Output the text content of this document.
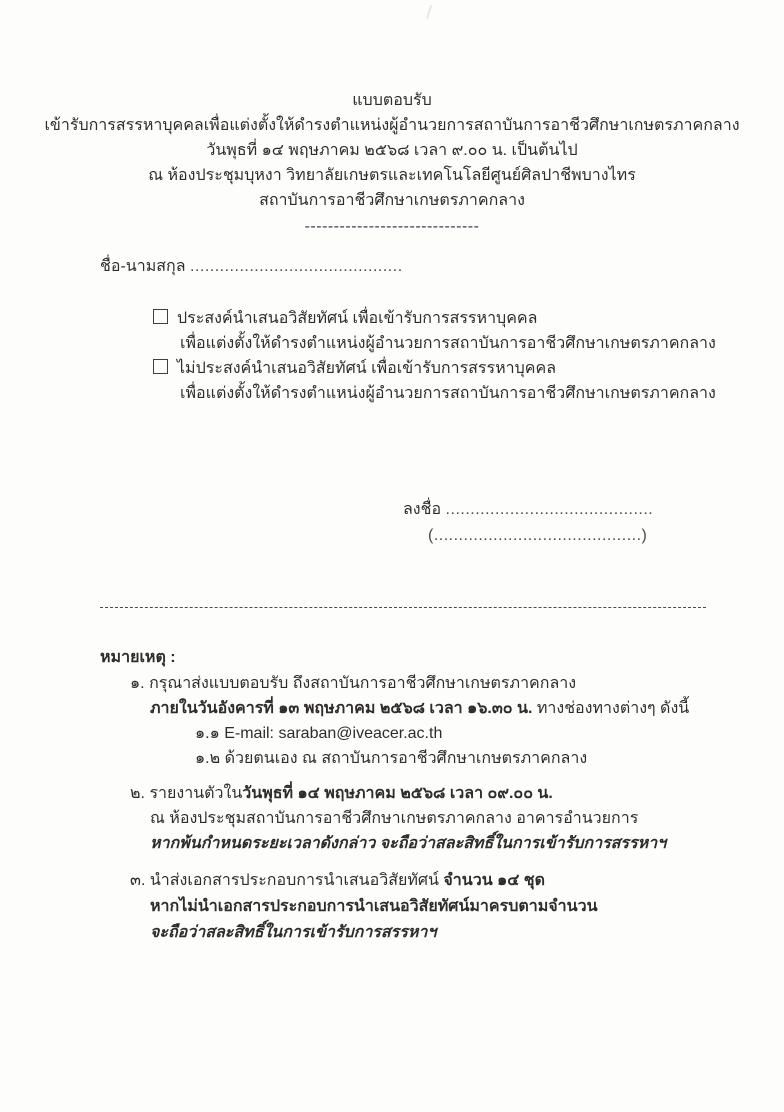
แบบตอบรับ
เข้ารับการสรรหาบุคคลเพื่อแต่งตั้งให้ดำรงตำแหน่งผู้อำนวยการสถาบันการอาชีวศึกษาเกษตรภาคกลาง
วันพุธที่ ๑๔ พฤษภาคม ๒๕๖๘ เวลา ๙.๐๐ น. เป็นต้นไป
ณ ห้องประชุมบุหงา วิทยาลัยเกษตรและเทคโนโลยีศูนย์ศิลปาชีพบางไทร
สถาบันการอาชีวศึกษาเกษตรภาคกลาง
------------------------------
ชื่อ-นามสกุล ...........................................
ประสงค์นำเสนอวิสัยทัศน์ เพื่อเข้ารับการสรรหาบุคคล
เพื่อแต่งตั้งให้ดำรงตำแหน่งผู้อำนวยการสถาบันการอาชีวศึกษาเกษตรภาคกลาง
ไม่ประสงค์นำเสนอวิสัยทัศน์ เพื่อเข้ารับการสรรหาบุคคล
เพื่อแต่งตั้งให้ดำรงตำแหน่งผู้อำนวยการสถาบันการอาชีวศึกษาเกษตรภาคกลาง
ลงชื่อ ..........................................
(..........................................)
หมายเหตุ :
๑. กรุณาส่งแบบตอบรับ ถึงสถาบันการอาชีวศึกษาเกษตรภาคกลาง
ภายในวันอังคารที่ ๑๓ พฤษภาคม ๒๕๖๘ เวลา ๑๖.๓๐ น. ทางช่องทางต่างๆ ดังนี้
๑.๑ E-mail: saraban@iveacer.ac.th
๑.๒ ด้วยตนเอง ณ สถาบันการอาชีวศึกษาเกษตรภาคกลาง
๒. รายงานตัวในวันพุธที่ ๑๔ พฤษภาคม ๒๕๖๘ เวลา ๐๙.๐๐ น.
ณ ห้องประชุมสถาบันการอาชีวศึกษาเกษตรภาคกลาง อาคารอำนวยการ
หากพ้นกำหนดระยะเวลาดังกล่าว จะถือว่าสละสิทธิ์ในการเข้ารับการสรรหาฯ
๓. นำส่งเอกสารประกอบการนำเสนอวิสัยทัศน์ จำนวน ๑๔ ชุด
หากไม่นำเอกสารประกอบการนำเสนอวิสัยทัศน์มาครบตามจำนวน
จะถือว่าสละสิทธิ์ในการเข้ารับการสรรหาฯ
